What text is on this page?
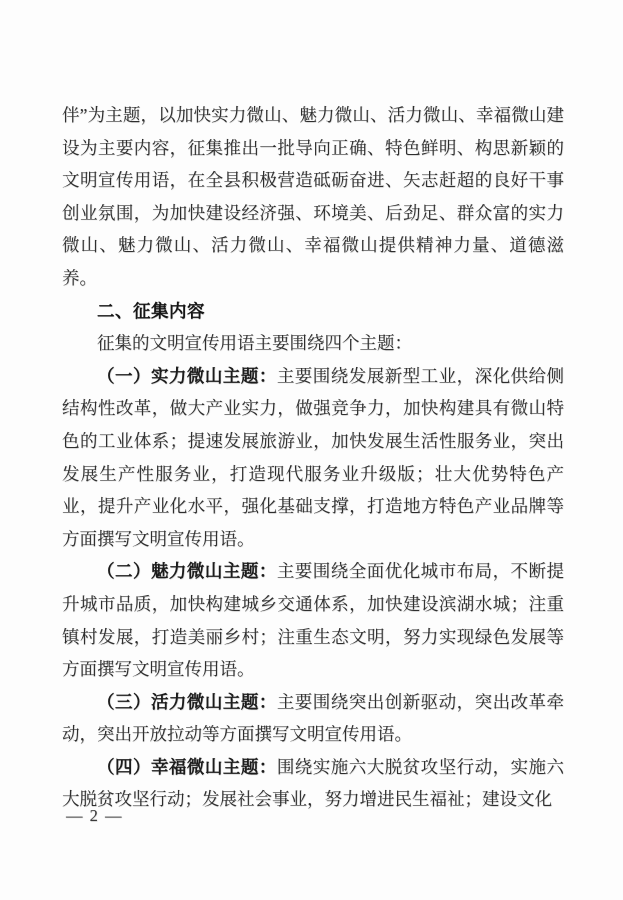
伴”为主题，以加快实力微山、魅力微山、活力微山、幸福微山建设为主要内容，征集推出一批导向正确、特色鲜明、构思新颖的文明宣传用语，在全县积极营造砥砺奋进、矢志赶超的良好干事创业氛围，为加快建设经济强、环境美、后劲足、群众富的实力微山、魅力微山、活力微山、幸福微山提供精神力量、道德滋养。

二、征集内容

征集的文明宣传用语主要围绕四个主题：

（一）实力微山主题：主要围绕发展新型工业，深化供给侧结构性改革，做大产业实力，做强竞争力，加快构建具有微山特色的工业体系；提速发展旅游业，加快发展生活性服务业，突出发展生产性服务业，打造现代服务业升级版；壮大优势特色产业，提升产业化水平，强化基础支撑，打造地方特色产业品牌等方面撰写文明宣传用语。

（二）魅力微山主题：主要围绕全面优化城市布局，不断提升城市品质，加快构建城乡交通体系，加快建设滨湖水城；注重镇村发展，打造美丽乡村；注重生态文明，努力实现绿色发展等方面撰写文明宣传用语。

（三）活力微山主题：主要围绕突出创新驱动，突出改革牵动，突出开放拉动等方面撰写文明宣传用语。

（四）幸福微山主题：围绕实施六大脱贫攻坚行动，实施六大脱贫攻坚行动；发展社会事业，努力增进民生福祉；建设文化

— 2 —
